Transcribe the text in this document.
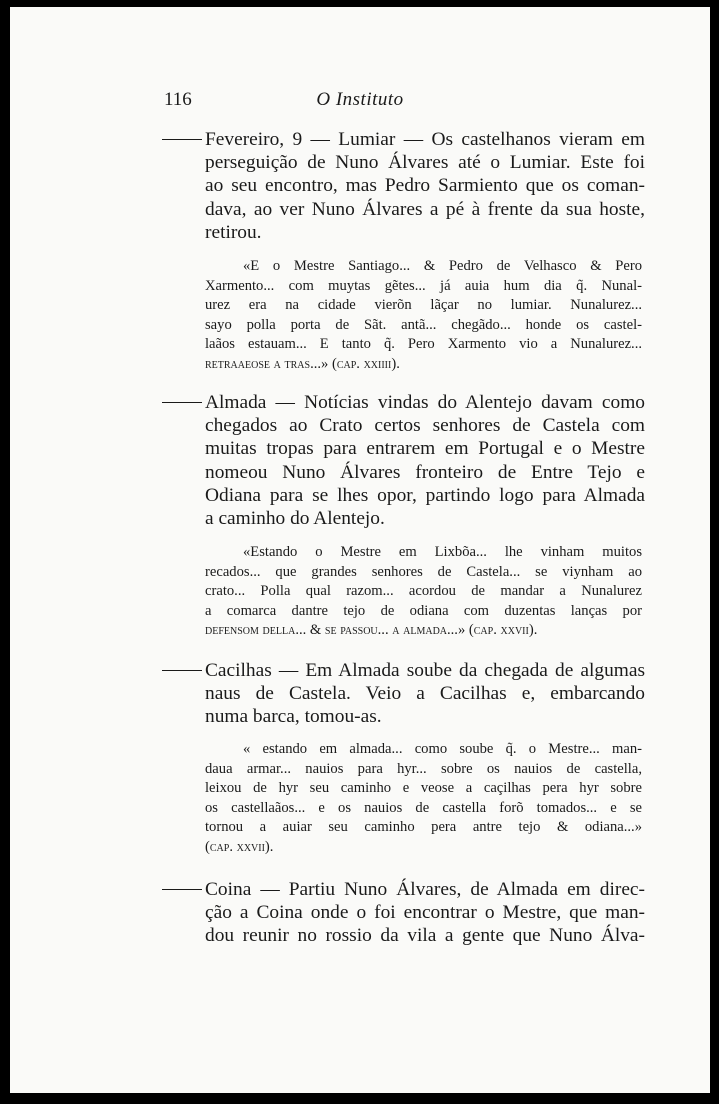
116	O Instituto
Fevereiro, 9 — Lumiar — Os castelhanos vieram em
perseguição de Nuno Álvares até o Lumiar. Este foi
ao seu encontro, mas Pedro Sarmiento que os coman-
dava, ao ver Nuno Álvares a pé à frente da sua hoste,
retirou.
«E o Mestre Santiago... & Pedro de Velhasco & Pero
Xarmento... com muytas gẽtes... já auia hum dia q̃. Nunal-
urez era na cidade vierõn lãçar no lumiar. Nunalurez...
sayo polla porta de Sãt. antã... chegãdo... honde os castel-
laãos estauam... E tanto q̃. Pero Xarmento vio a Nunalurez...
retraaeose a tras...» (cap. xxiiii).
Almada — Notícias vindas do Alentejo davam como
chegados ao Crato certos senhores de Castela com
muitas tropas para entrarem em Portugal e o Mestre
nomeou Nuno Álvares fronteiro de Entre Tejo e
Odiana para se lhes opor, partindo logo para Almada
a caminho do Alentejo.
«Estando o Mestre em Lixbõa... lhe vinham muitos
recados... que grandes senhores de Castela... se viynham ao
crato... Polla qual razom... acordou de mandar a Nunalurez
a comarca dantre tejo de odiana com duzentas lanças por
defensom della... & se passou... a almada...» (cap. xxvii).
Cacilhas — Em Almada soube da chegada de algumas
naus de Castela. Veio a Cacilhas e, embarcando
numa barca, tomou-as.
« estando em almada... como soube q̃. o Mestre... man-
daua armar... nauios para hyr... sobre os nauios de castella,
leixou de hyr seu caminho e veose a caçilhas pera hyr sobre
os castellaãos... e os nauios de castella forõ tomados... e se
tornou a auiar seu caminho pera antre tejo & odiana...»
(cap. xxvii).
Coina — Partiu Nuno Álvares, de Almada em direc-
ção a Coina onde o foi encontrar o Mestre, que man-
dou reunir no rossio da vila a gente que Nuno Álva-
